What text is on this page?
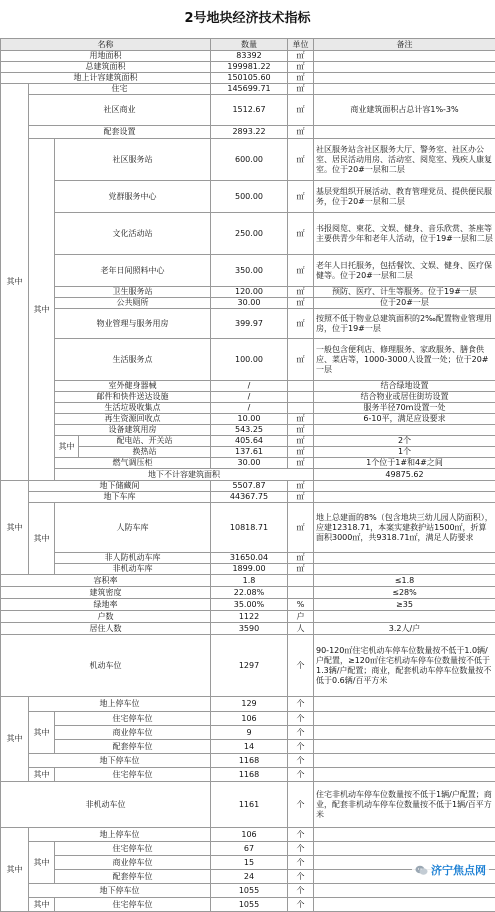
2号地块经济技术指标
名称				数量	单位	备注	
用地面积				83392	㎡		
总建筑面积				199981.22	㎡		
地上计容建筑面积				150105.60	㎡		
其中	住宅			145699.71	㎡		
	社区商业			1512.67	㎡	商业建筑面积占总计容1%-3%	
	配套设置			2893.22	㎡		
	其中	社区服务站		600.00	㎡	社区服务站含社区服务大厅、警务室、社区办公室、居民活动用房、活动室、阅览室、残疾人康复室。位于20#一层和二层	
		党群服务中心		500.00	㎡	基层党组织开展活动、教育管理党员、提供便民服务，位于20#一层和二层	
		文化活动站		250.00	㎡	书报阅览、柬花、文娱、健身、音乐欣赏、茶座等主要供青少年和老年人活动，位于19#一层和二层	
		老年日间照料中心		350.00	㎡	老年人日托服务，包括餐饮、文娱、健身、医疗保健等。位于20#一层和二层	
		卫生服务站		120.00	㎡	预防、医疗、计生等服务。位于19#一层	
		公共厕所		30.00	㎡	位于20#一层	
		物业管理与服务用房		399.97	㎡	按照不低于物业总建筑面积的2‰配置物业管理用房，位于19#一层	
		生活服务点		100.00	㎡	一般包含便利店、修理服务、家政服务、膳食供应、菜店等，1000-3000人设置一处；位于20#一层	
		室外健身器械		/		结合绿地设置	
		邮件和快件送达设施		/		结合物业或居住街坊设置	
		生活垃圾收集点		/		服务半径70m设置一处	
		再生资源回收点		10.00	㎡	6-10平，满足应设要求	
		设备建筑用房		543.25	㎡		
		其中	配电站、开关站	405.64	㎡	2个	
			换热站	137.61	㎡	1个	
		燃气调压柜		30.00	㎡	1个位于1#和4#之间	
		地下不计容建筑面积				49875.62		
其中	地下储藏间			5507.87	㎡		
	地下车库			44367.75	㎡		
	其中	人防车库		10818.71	㎡	地上总建面的8%（包含地块三幼儿园人防面积），应建12318.71，本案实建救护站1500㎡，折算面积3000㎡，共9318.71㎡，满足人防要求	
		非人防机动车库		31650.04	㎡		
		非机动车库		1899.00	㎡		
容积率				1.8		≤1.8	
建筑密度				22.08%		≤28%	
绿地率				35.00%	%	≥35	
户数				1122	户		
居住人数				3590	人	3.2人/户	
机动车位				1297	个	90-120㎡住宅机动车停车位数量按不低于1.0辆/户配置，≥120㎡住宅机动车停车位数量按不低于1.3辆/户配置；商业，配套机动车停车位数量按不低于0.6辆/百平方米	
其中	地上停车位			129	个		
	其中	住宅停车位		106	个		
		商业停车位		9	个		
		配套停车位		14	个		
	地下停车位			1168	个		
	其中	住宅停车位		1168	个		
非机动车位				1161	个	住宅非机动车停车位数量按不低于1辆/户配置；商业，配套非机动车停车位数量按不低于1辆/百平方米	
其中	地上停车位			106	个		
	其中	住宅停车位		67	个		
		商业停车位		15	个		
		配套停车位		24	个		
	地下停车位			1055	个		
	其中	住宅停车位		1055	个		
济宁焦点网
